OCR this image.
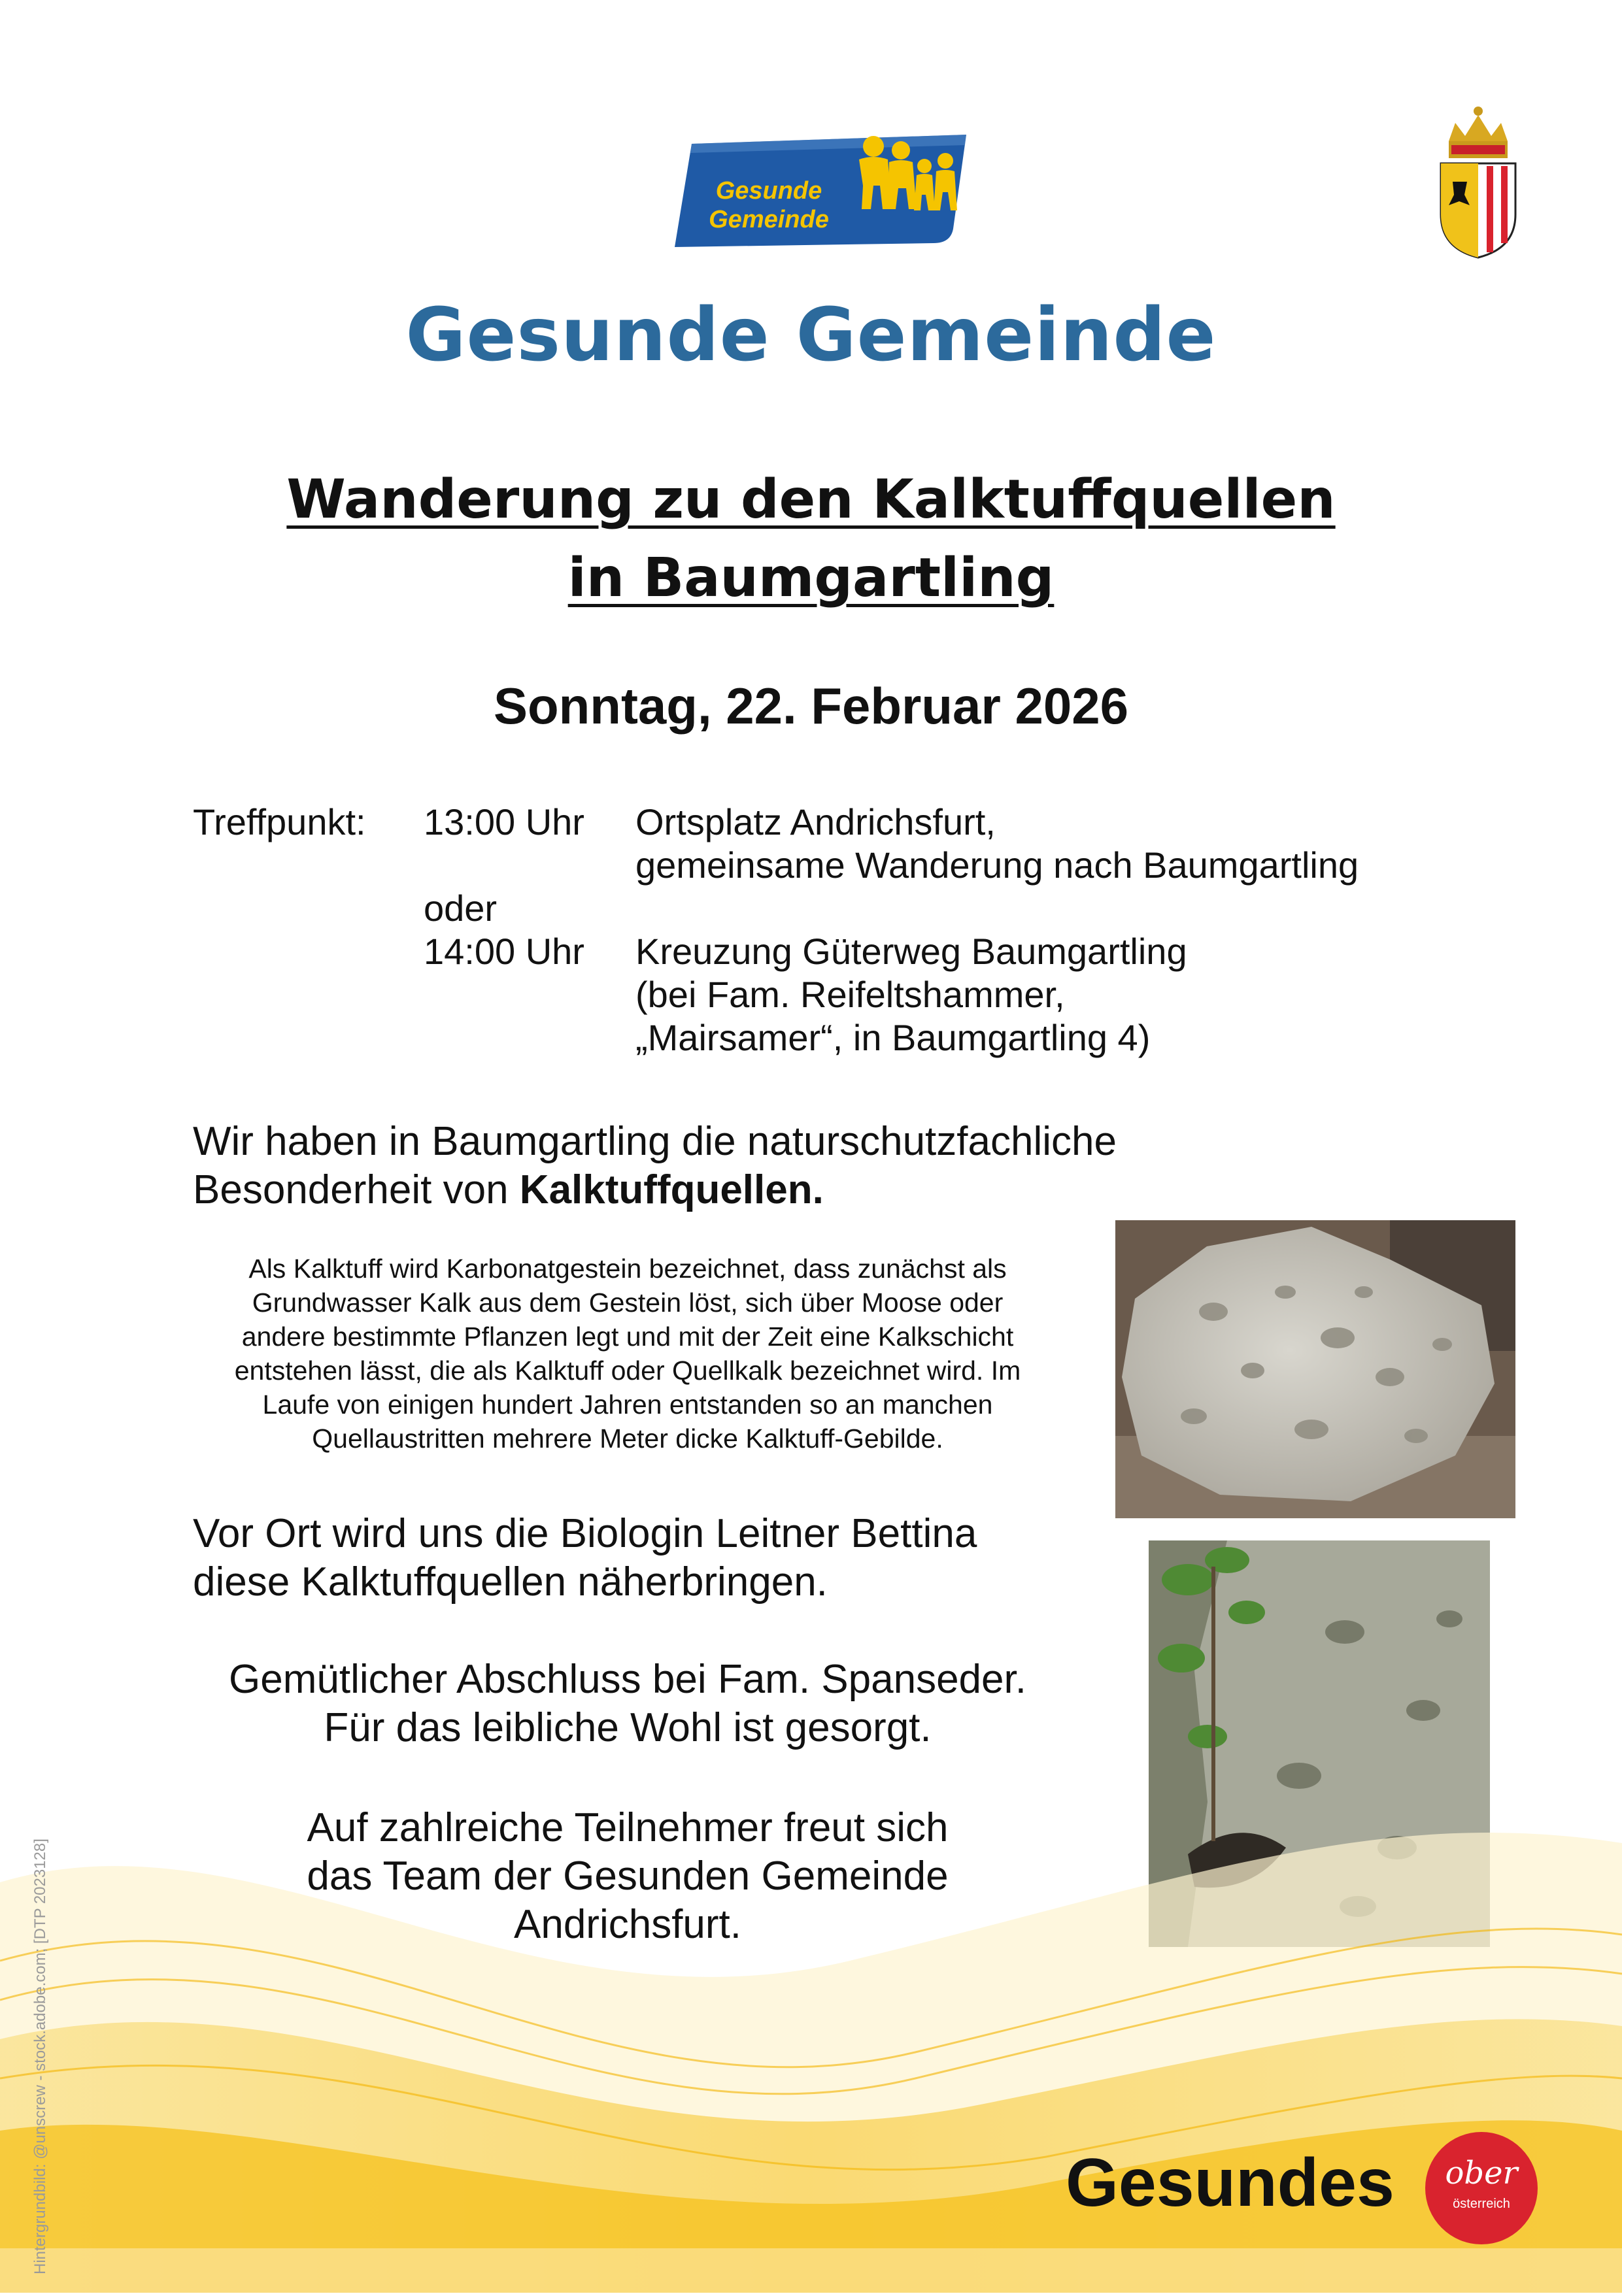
Gesunde
Gemeinde
Gesunde Gemeinde
Wanderung zu den Kalktuffquellen
in Baumgartling
Sonntag, 22. Februar 2026
Treffpunkt: 13:00 Uhr Ortsplatz Andrichsfurt,
gemeinsame Wanderung nach Baumgartling
oder
14:00 Uhr Kreuzung Güterweg Baumgartling
(bei Fam. Reifeltshammer,
„Mairsamer“, in Baumgartling 4)
Wir haben in Baumgartling die naturschutzfachliche
Besonderheit von Kalktuffquellen.
Als Kalktuff wird Karbonatgestein bezeichnet, dass zunächst als
Grundwasser Kalk aus dem Gestein löst, sich über Moose oder
andere bestimmte Pflanzen legt und mit der Zeit eine Kalkschicht
entstehen lässt, die als Kalktuff oder Quellkalk bezeichnet wird. Im
Laufe von einigen hundert Jahren entstanden so an manchen
Quellaustritten mehrere Meter dicke Kalktuff-Gebilde.
Vor Ort wird uns die Biologin Leitner Bettina
diese Kalktuffquellen näherbringen.
Gemütlicher Abschluss bei Fam. Spanseder.
Für das leibliche Wohl ist gesorgt.
Auf zahlreiche Teilnehmer freut sich
das Team der Gesunden Gemeinde
Andrichsfurt.
Gesundes	ober
österreich
Hintergrundbild: @unscrew - stock.adobe.com; [DTP 2023128]
